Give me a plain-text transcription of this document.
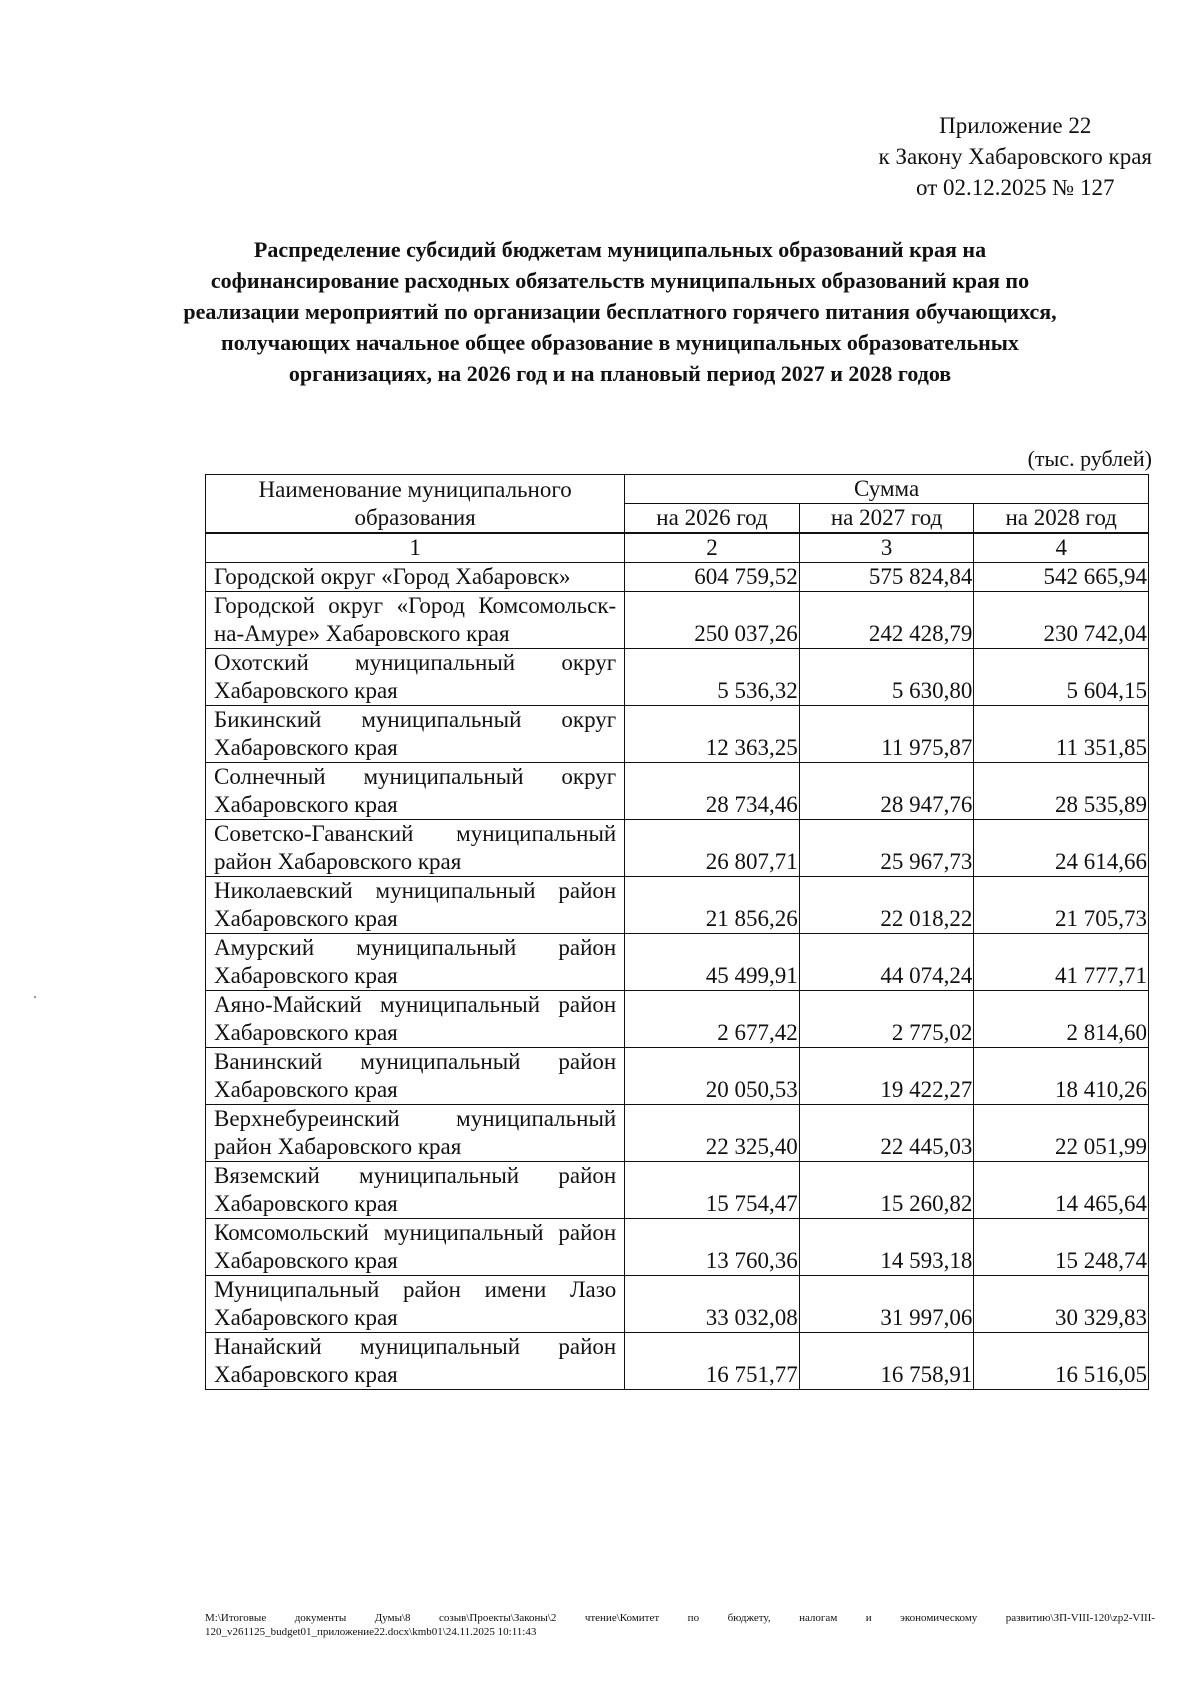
Приложение 22
к Закону Хабаровского края
от 02.12.2025 № 127
Распределение субсидий бюджетам муниципальных образований края на софинансирование расходных обязательств муниципальных образований края по реализации мероприятий по организации бесплатного горячего питания обучающихся, получающих начальное общее образование в муниципальных образовательных организациях, на 2026 год и на плановый период 2027 и 2028 годов
(тыс. рублей)
Наименование муниципального образования	Сумма		
	на 2026 год	на 2027 год	на 2028 год
1	2	3	4
Городской округ «Город Хабаровск»	604 759,52	575 824,84	542 665,94
Городской округ «Город Комсомольск-на-Амуре» Хабаровского края	250 037,26	242 428,79	230 742,04
Охотский муниципальный округ Хабаровского края	5 536,32	5 630,80	5 604,15
Бикинский муниципальный округ Хабаровского края	12 363,25	11 975,87	11 351,85
Солнечный муниципальный округ Хабаровского края	28 734,46	28 947,76	28 535,89
Советско-Гаванский муниципальный район Хабаровского края	26 807,71	25 967,73	24 614,66
Николаевский муниципальный район Хабаровского края	21 856,26	22 018,22	21 705,73
Амурский муниципальный район Хабаровского края	45 499,91	44 074,24	41 777,71
Аяно-Майский муниципальный район Хабаровского края	2 677,42	2 775,02	2 814,60
Ванинский муниципальный район Хабаровского края	20 050,53	19 422,27	18 410,26
Верхнебуреинский муниципальный район Хабаровского края	22 325,40	22 445,03	22 051,99
Вяземский муниципальный район Хабаровского края	15 754,47	15 260,82	14 465,64
Комсомольский муниципальный район Хабаровского края	13 760,36	14 593,18	15 248,74
Муниципальный район имени Лазо Хабаровского края	33 032,08	31 997,06	30 329,83
Нанайский муниципальный район Хабаровского края	16 751,77	16 758,91	16 516,05
M:\Итоговые документы Думы\8 созыв\Проекты\Законы\2 чтение\Комитет по бюджету, налогам и экономическому развитию\ЗП-VIII-120\zp2-VIII-120_v261125_budget01_приложение22.docx\kmb01\24.11.2025 10:11:43
